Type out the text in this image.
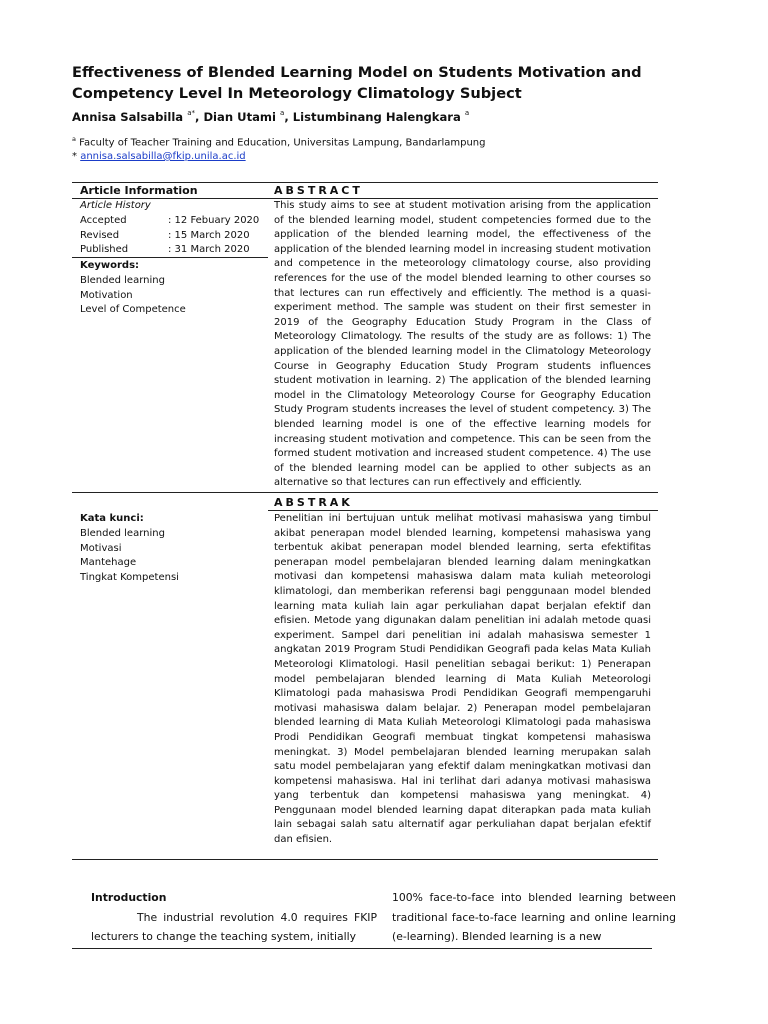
Effectiveness of Blended Learning Model on Students Motivation and Competency Level In Meteorology Climatology Subject
Annisa Salsabilla $^{a*}$, Dian Utami $^a$, Listumbinang Halengkara $^a$
$^a$ Faculty of Teacher Training and Education, Universitas Lampung, Bandarlampung
* annisa.salsabilla@fkip.unila.ac.id
Article Information	ABSTRACT
ABSTRAK
Article History
Accepted	: 12 Febuary 2020
Revised	: 15 March 2020
Published	: 31 March 2020
Keywords:
Blended learning
Motivation
Level of Competence
Kata kunci:
Blended learning
Motivasi
Mantehage
Tingkat Kompetensi
This study aims to see at student motivation arising from the application of the blended learning model, student competencies formed due to the application of the blended learning model, the effectiveness of the application of the blended learning model in increasing student motivation and competence in the meteorology climatology course, also providing references for the use of the model blended learning to other courses so that lectures can run effectively and efficiently. The method is a quasi-experiment method. The sample was student on their first semester in 2019 of the Geography Education Study Program in the Class of Meteorology Climatology. The results of the study are as follows: 1) The application of the blended learning model in the Climatology Meteorology Course in Geography Education Study Program students influences student motivation in learning. 2) The application of the blended learning model in the Climatology Meteorology Course for Geography Education Study Program students increases the level of student competency. 3) The blended learning model is one of the effective learning models for increasing student motivation and competence. This can be seen from the formed student motivation and increased student competence. 4) The use of the blended learning model can be applied to other subjects as an alternative so that lectures can run effectively and efficiently.
Penelitian ini bertujuan untuk melihat motivasi mahasiswa yang timbul akibat penerapan model blended learning, kompetensi mahasiswa yang terbentuk akibat penerapan model blended learning, serta efektifitas penerapan model pembelajaran blended learning dalam meningkatkan motivasi dan kompetensi mahasiswa dalam mata kuliah meteorologi klimatologi, dan memberikan referensi bagi penggunaan model blended learning mata kuliah lain agar perkuliahan dapat berjalan efektif dan efisien. Metode yang digunakan dalam penelitian ini adalah metode quasi experiment. Sampel dari penelitian ini adalah mahasiswa semester 1 angkatan 2019 Program Studi Pendidikan Geografi pada kelas Mata Kuliah Meteorologi Klimatologi. Hasil penelitian sebagai berikut: 1) Penerapan model pembelajaran blended learning di Mata Kuliah Meteorologi Klimatologi pada mahasiswa Prodi Pendidikan Geografi mempengaruhi motivasi mahasiswa dalam belajar. 2) Penerapan model pembelajaran blended learning di Mata Kuliah Meteorologi Klimatologi pada mahasiswa Prodi Pendidikan Geografi membuat tingkat kompetensi mahasiswa meningkat. 3) Model pembelajaran blended learning merupakan salah satu model pembelajaran yang efektif dalam meningkatkan motivasi dan kompetensi mahasiswa. Hal ini terlihat dari adanya motivasi mahasiswa yang terbentuk dan kompetensi mahasiswa yang meningkat. 4) Penggunaan model blended learning dapat diterapkan pada mata kuliah lain sebagai salah satu alternatif agar perkuliahan dapat berjalan efektif dan efisien.
Introduction
The industrial revolution 4.0 requires FKIP lecturers to change the teaching system, initially
100% face-to-face into blended learning between traditional face-to-face learning and online learning (e-learning). Blended learning is a new
